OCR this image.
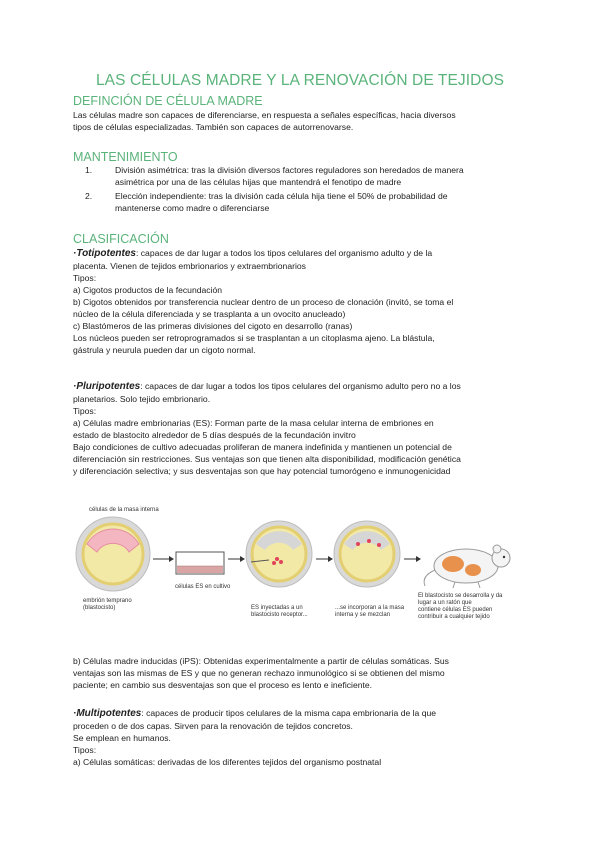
LAS CÉLULAS MADRE Y LA RENOVACIÓN DE TEJIDOS
DEFINCIÓN DE CÉLULA MADRE
Las células madre son capaces de diferenciarse, en respuesta a señales específicas, hacia diversos
tipos de células especializadas. También son capaces de autorrenovarse.
MANTENIMIENTO
1.	División asimétrica: tras la división diversos factores reguladores son heredados de manera
asimétrica por una de las células hijas que mantendrá el fenotipo de madre
2.	Elección independiente: tras la división cada célula hija tiene el 50% de probabilidad de
mantenerse como madre o diferenciarse
CLASIFICACIÓN
·Totipotentes: capaces de dar lugar a todos los tipos celulares del organismo adulto y de la
placenta. Vienen de tejidos embrionarios y extraembrionarios
Tipos:
a) Cigotos productos de la fecundación
b) Cigotos obtenidos por transferencia nuclear dentro de un proceso de clonación (invitó, se toma el
núcleo de la célula diferenciada y se trasplanta a un ovocito anucleado)
c) Blastómeros de las primeras divisiones del cigoto en desarrollo (ranas)
Los núcleos pueden ser retroprogramados si se trasplantan a un citoplasma ajeno. La blástula,
gástrula y neurula pueden dar un cigoto normal.
·Pluripotentes: capaces de dar lugar a todos los tipos celulares del organismo adulto pero no a los
planetarios. Solo tejido embrionario.
Tipos:
a) Células madre embrionarias (ES): Forman parte de la masa celular interna de embriones en
estado de blastocito alrededor de 5 días después de la fecundación invitro
Bajo condiciones de cultivo adecuadas proliferan de manera indefinida y mantienen un potencial de
diferenciación sin restricciones. Sus ventajas son que tienen alta disponibilidad, modificación genética
y diferenciación selectiva; y sus desventajas son que hay potencial tumorógeno e inmunogenicidad
células de la masa interna
embrión temprano
(blastocisto)
células ES en cultivo
ES inyectadas a un
blastocisto receptor...
...se incorporan a la masa
interna y se mezclan
El blastocisto se desarrolla y da
lugar a un ratón que
contiene células ES pueden
contribuir a cualquier tejido
b) Células madre inducidas (iPS): Obtenidas experimentalmente a partir de células somáticas. Sus
ventajas son las mismas de ES y que no generan rechazo inmunológico si se obtienen del mismo
paciente; en cambio sus desventajas son que el proceso es lento e ineficiente.
·Multipotentes: capaces de producir tipos celulares de la misma capa embrionaria de la que
proceden o de dos capas. Sirven para la renovación de tejidos concretos.
Se emplean en humanos.
Tipos:
a) Células somáticas: derivadas de los diferentes tejidos del organismo postnatal
